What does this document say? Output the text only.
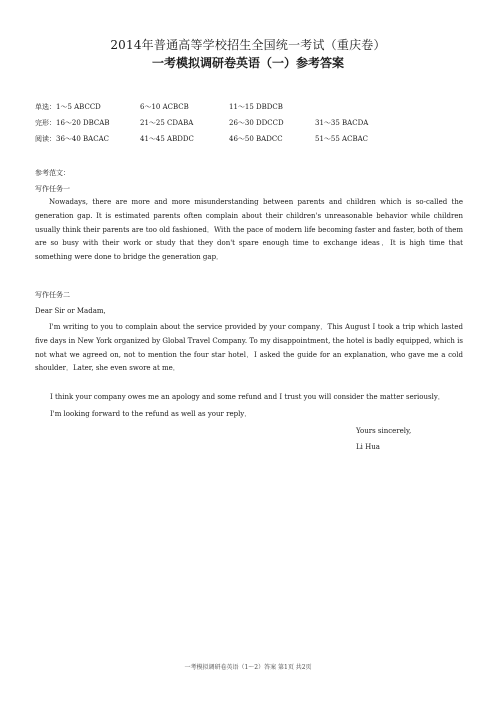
2014年普通高等学校招生全国统一考试（重庆卷）
一考模拟调研卷英语（一）参考答案
单选：1～5 ABCCD	6～10 ACBCB	11～15 DBDCB
完形：16～20 DBCAB	21～25 CDABA	26～30 DDCCD	31～35 BACDA
阅读：36～40 BACAC	41～45 ABDDC	46～50 BADCC	51～55 ACBAC
参考范文：
写作任务一

Nowadays, there are more and more misunderstanding between parents and children which is so-called the generation gap. It is estimated parents often complain about their children's unreasonable behavior while children usually think their parents are too old fashioned．With the pace of modern life becoming faster and faster, both of them are so busy with their work or study that they don't spare enough time to exchange ideas．It is high time that something were done to bridge the generation gap．

写作任务二
Dear Sir or Madam,

I'm writing to you to complain about the service provided by your company．This August I took a trip which lasted five days in New York organized by Global Travel Company. To my disappointment, the hotel is badly equipped, which is not what we agreed on, not to mention the four star hotel．I asked the guide for an explanation, who gave me a cold shoulder．Later, she even swore at me．

I think your company owes me an apology and some refund and I trust you will consider the matter seriously．
I'm looking forward to the refund as well as your reply．
Yours sincerely,
Li Hua
一考模拟调研卷英语（1～2）答案 第1页 共2页
